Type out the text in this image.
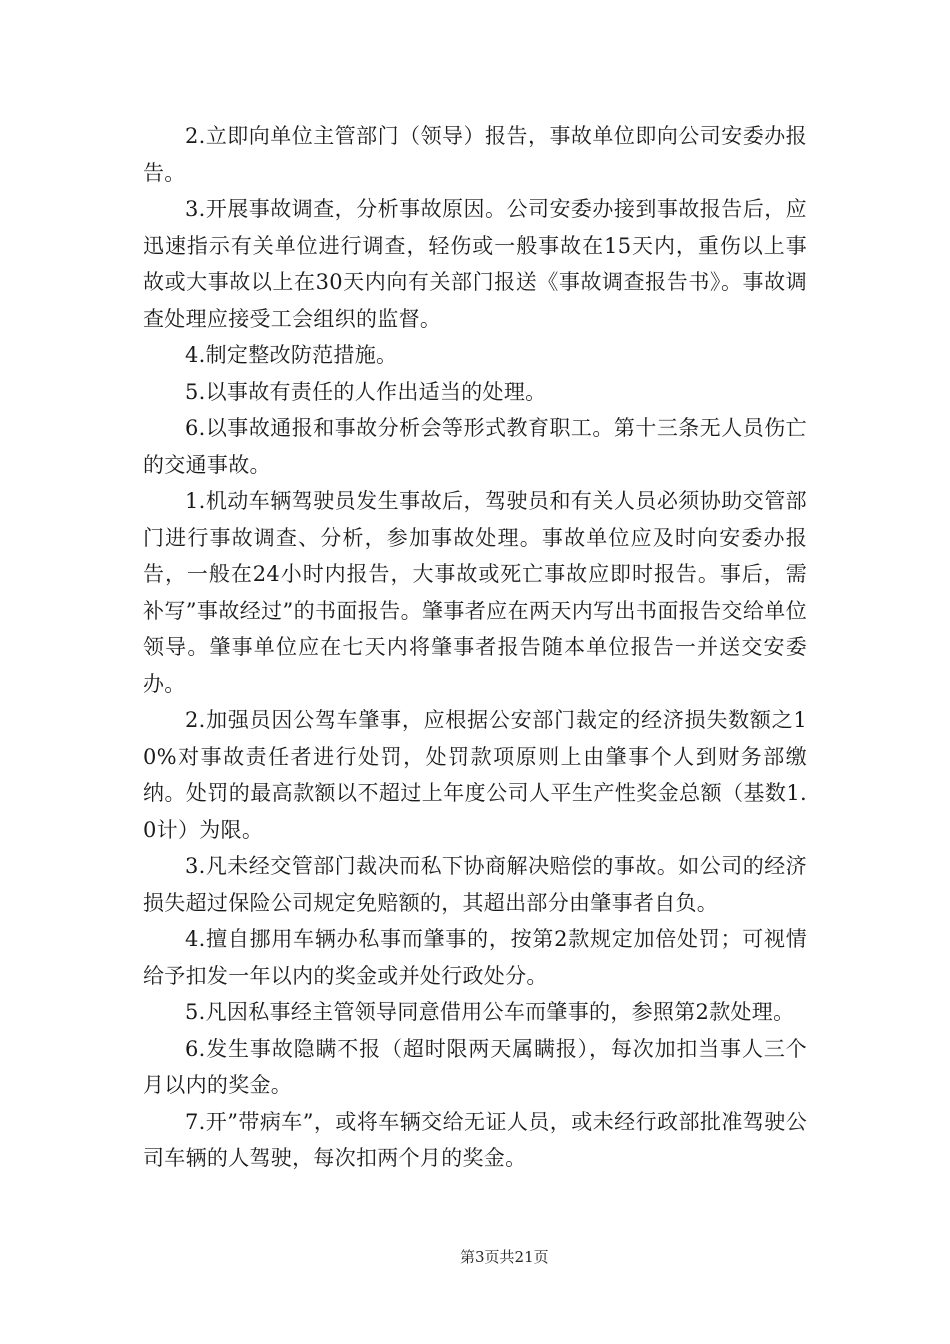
2.立即向单位主管部门（领导）报告，事故单位即向公司安委办报告。

3.开展事故调查，分析事故原因。公司安委办接到事故报告后，应迅速指示有关单位进行调查，轻伤或一般事故在15天内，重伤以上事故或大事故以上在30天内向有关部门报送《事故调查报告书》。事故调查处理应接受工会组织的监督。

4.制定整改防范措施。

5.以事故有责任的人作出适当的处理。

6.以事故通报和事故分析会等形式教育职工。第十三条无人员伤亡的交通事故。

1.机动车辆驾驶员发生事故后，驾驶员和有关人员必须协助交管部门进行事故调查、分析，参加事故处理。事故单位应及时向安委办报告，一般在24小时内报告，大事故或死亡事故应即时报告。事后，需补写”事故经过”的书面报告。肇事者应在两天内写出书面报告交给单位领导。肇事单位应在七天内将肇事者报告随本单位报告一并送交安委办。

2.加强员因公驾车肇事，应根据公安部门裁定的经济损失数额之10%对事故责任者进行处罚，处罚款项原则上由肇事个人到财务部缴纳。处罚的最高款额以不超过上年度公司人平生产性奖金总额（基数1.0计）为限。

3.凡未经交管部门裁决而私下协商解决赔偿的事故。如公司的经济损失超过保险公司规定免赔额的，其超出部分由肇事者自负。

4.擅自挪用车辆办私事而肇事的，按第2款规定加倍处罚；可视情给予扣发一年以内的奖金或并处行政处分。

5.凡因私事经主管领导同意借用公车而肇事的，参照第2款处理。

6.发生事故隐瞒不报（超时限两天属瞒报），每次加扣当事人三个月以内的奖金。

7.开”带病车”，或将车辆交给无证人员，或未经行政部批准驾驶公司车辆的人驾驶，每次扣两个月的奖金。

第3页共21页
